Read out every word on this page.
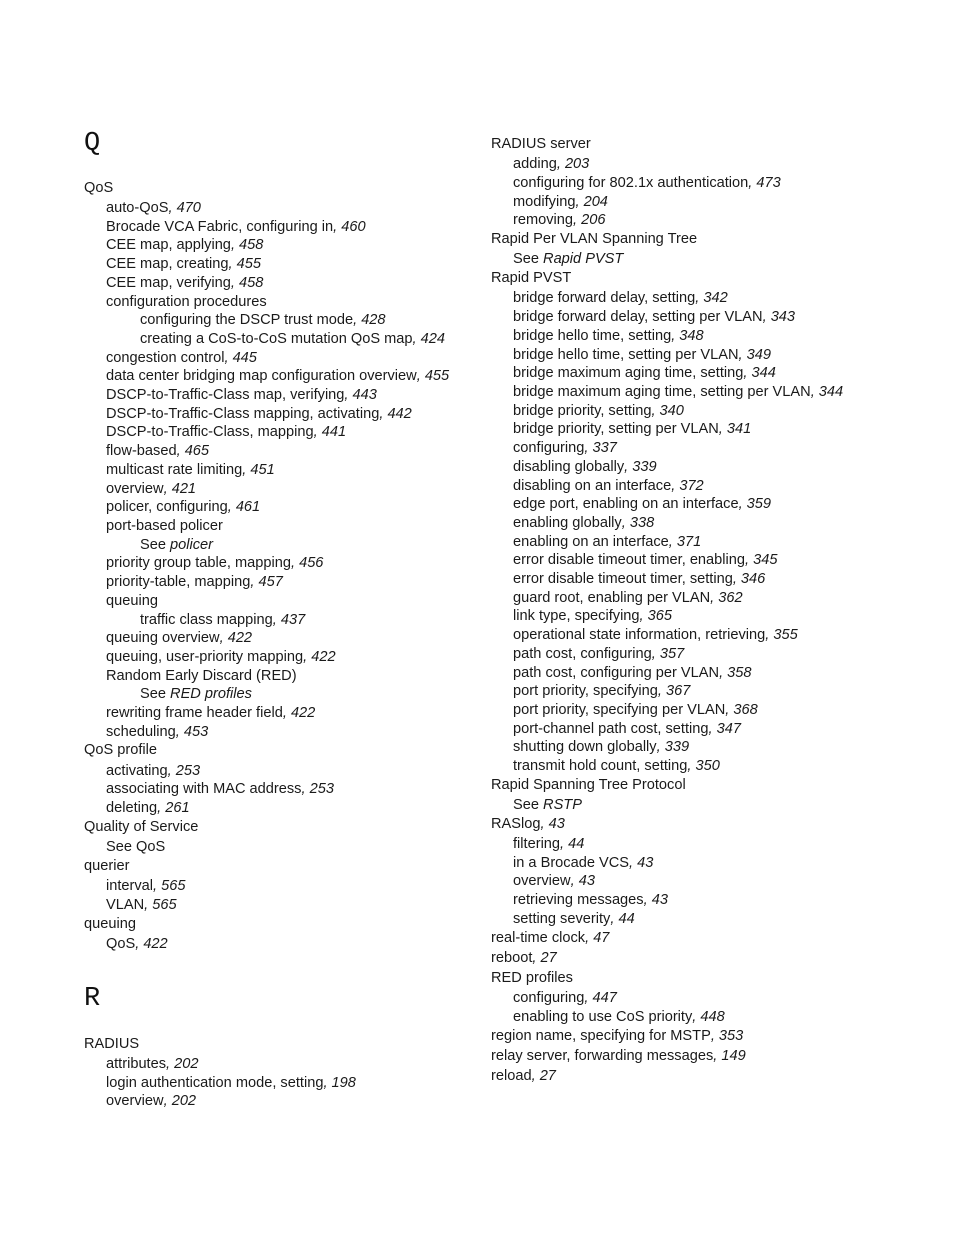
Q
QoS
auto-QoS, 470
Brocade VCA Fabric, configuring in, 460
CEE map, applying, 458
CEE map, creating, 455
CEE map, verifying, 458
configuration procedures
configuring the DSCP trust mode, 428
creating a CoS-to-CoS mutation QoS map, 424
congestion control, 445
data center bridging map configuration overview, 455
DSCP-to-Traffic-Class map, verifying, 443
DSCP-to-Traffic-Class mapping, activating, 442
DSCP-to-Traffic-Class, mapping, 441
flow-based, 465
multicast rate limiting, 451
overview, 421
policer, configuring, 461
port-based policer
See policer
priority group table, mapping, 456
priority-table, mapping, 457
queuing
traffic class mapping, 437
queuing overview, 422
queuing, user-priority mapping, 422
Random Early Discard (RED)
See RED profiles
rewriting frame header field, 422
scheduling, 453
QoS profile
activating, 253
associating with MAC address, 253
deleting, 261
Quality of Service
See QoS
querier
interval, 565
VLAN, 565
queuing
QoS, 422
R
RADIUS
attributes, 202
login authentication mode, setting, 198
overview, 202
RADIUS server
adding, 203
configuring for 802.1x authentication, 473
modifying, 204
removing, 206
Rapid Per VLAN Spanning Tree
See Rapid PVST
Rapid PVST
bridge forward delay, setting, 342
bridge forward delay, setting per VLAN, 343
bridge hello time, setting, 348
bridge hello time, setting per VLAN, 349
bridge maximum aging time, setting, 344
bridge maximum aging time, setting per VLAN, 344
bridge priority, setting, 340
bridge priority, setting per VLAN, 341
configuring, 337
disabling globally, 339
disabling on an interface, 372
edge port, enabling on an interface, 359
enabling globally, 338
enabling on an interface, 371
error disable timeout timer, enabling, 345
error disable timeout timer, setting, 346
guard root, enabling per VLAN, 362
link type, specifying, 365
operational state information, retrieving, 355
path cost, configuring, 357
path cost, configuring per VLAN, 358
port priority, specifying, 367
port priority, specifying per VLAN, 368
port-channel path cost, setting, 347
shutting down globally, 339
transmit hold count, setting, 350
Rapid Spanning Tree Protocol
See RSTP
RASlog, 43
filtering, 44
in a Brocade VCS, 43
overview, 43
retrieving messages, 43
setting severity, 44
real-time clock, 47
reboot, 27
RED profiles
configuring, 447
enabling to use CoS priority, 448
region name, specifying for MSTP, 353
relay server, forwarding messages, 149
reload, 27
